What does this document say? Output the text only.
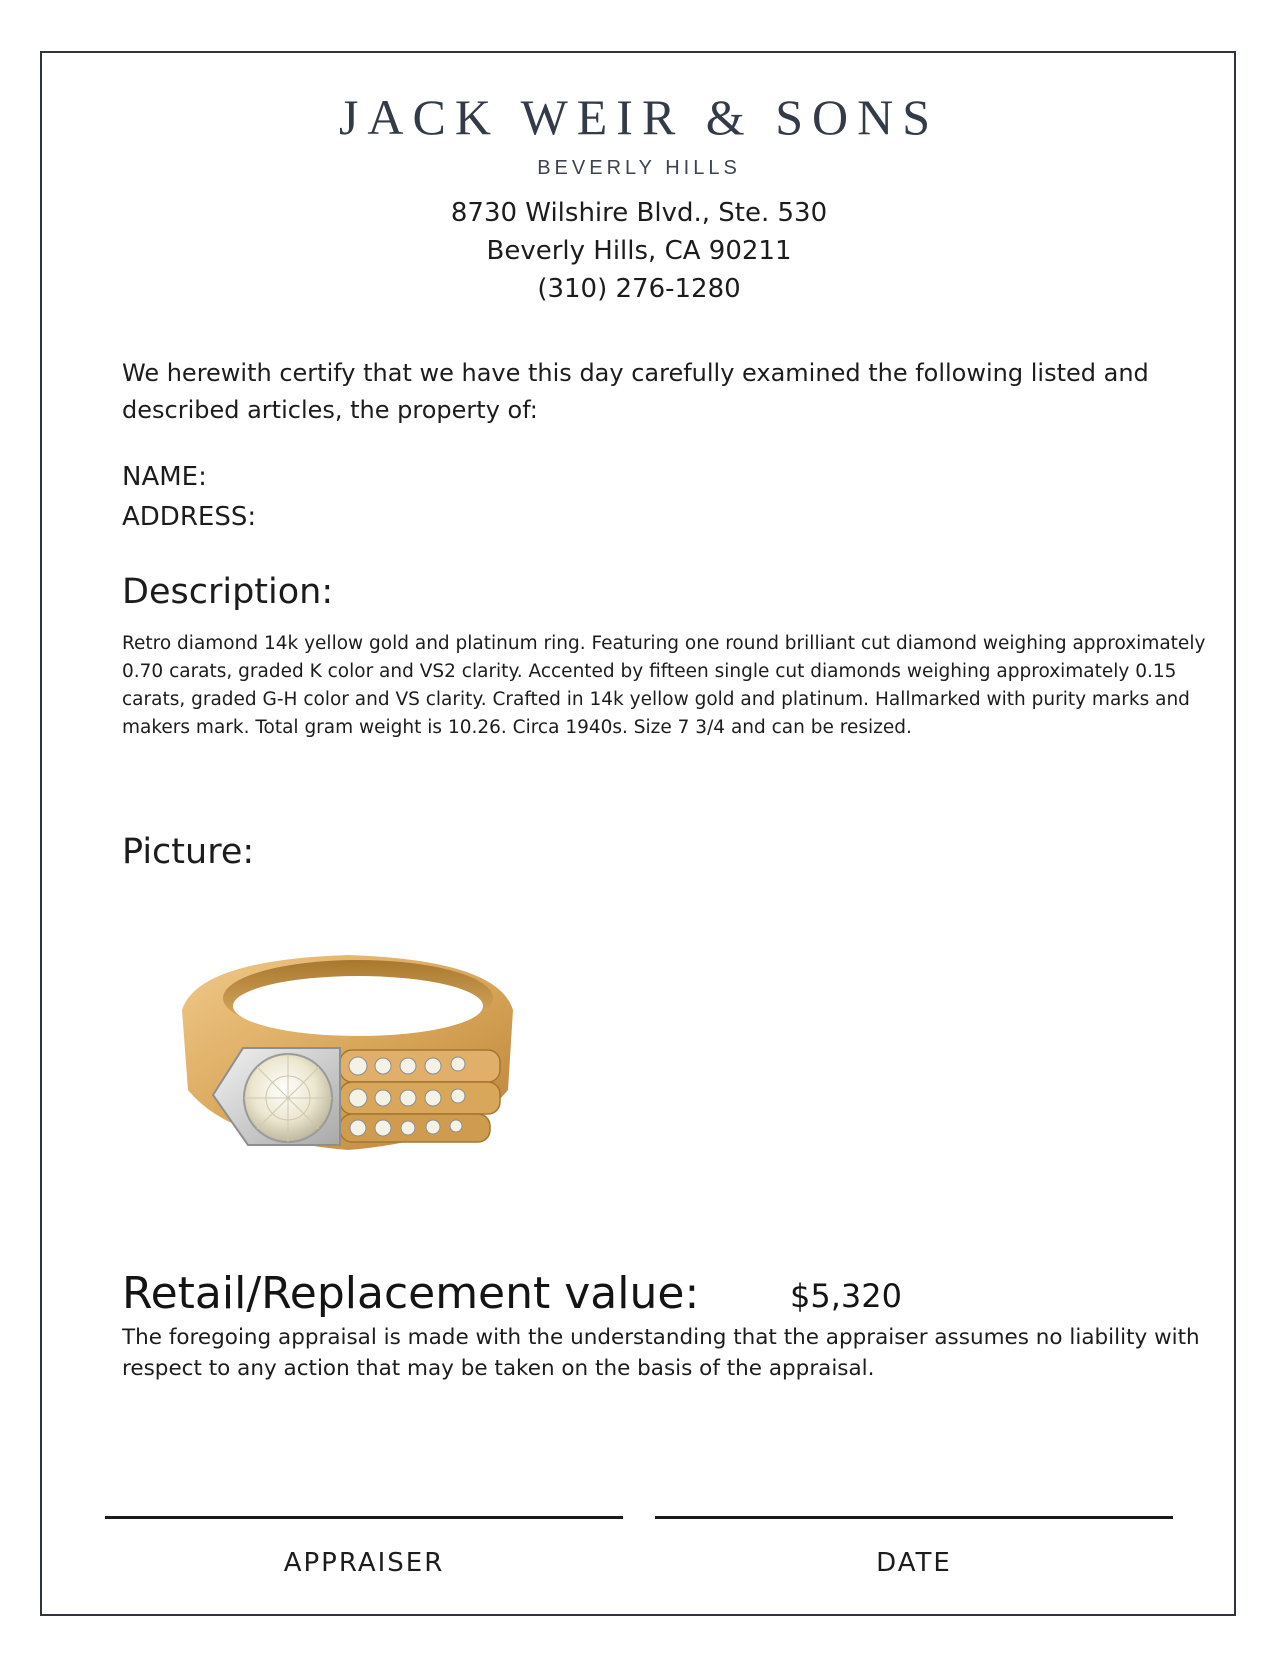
JACK WEIR & SONS
BEVERLY HILLS
8730 Wilshire Blvd., Ste. 530
Beverly Hills, CA 90211
(310) 276-1280
We herewith certify that we have this day carefully examined the following listed and described articles, the property of:
NAME:
ADDRESS:
Description:
Retro diamond 14k yellow gold and platinum ring. Featuring one round brilliant cut diamond weighing approximately 0.70 carats, graded K color and VS2 clarity. Accented by fifteen single cut diamonds weighing approximately 0.15 carats, graded G-H color and VS clarity. Crafted in 14k yellow gold and platinum. Hallmarked with purity marks and makers mark. Total gram weight is 10.26. Circa 1940s. Size 7 3/4 and can be resized.
Picture:
Retail/Replacement value:	$5,320
The foregoing appraisal is made with the understanding that the appraiser assumes no liability with respect to any action that may be taken on the basis of the appraisal.
APPRAISER	DATE
